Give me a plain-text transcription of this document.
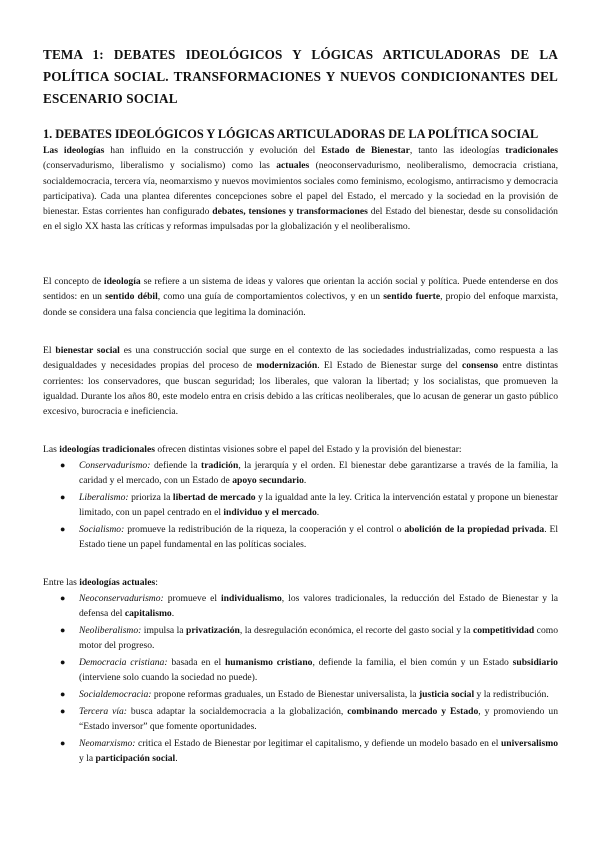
TEMA 1: DEBATES IDEOLÓGICOS Y LÓGICAS ARTICULADORAS DE LA POLÍTICA SOCIAL. TRANSFORMACIONES Y NUEVOS CONDICIONANTES DEL ESCENARIO SOCIAL
1. DEBATES IDEOLÓGICOS Y LÓGICAS ARTICULADORAS DE LA POLÍTICA SOCIAL

Las ideologías han influido en la construcción y evolución del Estado de Bienestar, tanto las ideologías tradicionales (conservadurismo, liberalismo y socialismo) como las actuales (neoconservadurismo, neoliberalismo, democracia cristiana, socialdemocracia, tercera vía, neomarxismo y nuevos movimientos sociales como feminismo, ecologismo, antirracismo y democracia participativa). Cada una plantea diferentes concepciones sobre el papel del Estado, el mercado y la sociedad en la provisión de bienestar. Estas corrientes han configurado debates, tensiones y transformaciones del Estado del bienestar, desde su consolidación en el siglo XX hasta las críticas y reformas impulsadas por la globalización y el neoliberalismo.

El concepto de ideología se refiere a un sistema de ideas y valores que orientan la acción social y política. Puede entenderse en dos sentidos: en un sentido débil, como una guía de comportamientos colectivos, y en un sentido fuerte, propio del enfoque marxista, donde se considera una falsa conciencia que legitima la dominación.

El bienestar social es una construcción social que surge en el contexto de las sociedades industrializadas, como respuesta a las desigualdades y necesidades propias del proceso de modernización. El Estado de Bienestar surge del consenso entre distintas corrientes: los conservadores, que buscan seguridad; los liberales, que valoran la libertad; y los socialistas, que promueven la igualdad. Durante los años 80, este modelo entra en crisis debido a las críticas neoliberales, que lo acusan de generar un gasto público excesivo, burocracia e ineficiencia.

Las ideologías tradicionales ofrecen distintas visiones sobre el papel del Estado y la provisión del bienestar:

● Conservadurismo: defiende la tradición, la jerarquía y el orden. El bienestar debe garantizarse a través de la familia, la caridad y el mercado, con un Estado de apoyo secundario.
● Liberalismo: prioriza la libertad de mercado y la igualdad ante la ley. Critica la intervención estatal y propone un bienestar limitado, con un papel centrado en el individuo y el mercado.
● Socialismo: promueve la redistribución de la riqueza, la cooperación y el control o abolición de la propiedad privada. El Estado tiene un papel fundamental en las políticas sociales.

Entre las ideologías actuales:

● Neoconservadurismo: promueve el individualismo, los valores tradicionales, la reducción del Estado de Bienestar y la defensa del capitalismo.
● Neoliberalismo: impulsa la privatización, la desregulación económica, el recorte del gasto social y la competitividad como motor del progreso.
● Democracia cristiana: basada en el humanismo cristiano, defiende la familia, el bien común y un Estado subsidiario (interviene solo cuando la sociedad no puede).
● Socialdemocracia: propone reformas graduales, un Estado de Bienestar universalista, la justicia social y la redistribución.
● Tercera vía: busca adaptar la socialdemocracia a la globalización, combinando mercado y Estado, y promoviendo un “Estado inversor” que fomente oportunidades.
● Neomarxismo: critica el Estado de Bienestar por legitimar el capitalismo, y defiende un modelo basado en el universalismo y la participación social.
